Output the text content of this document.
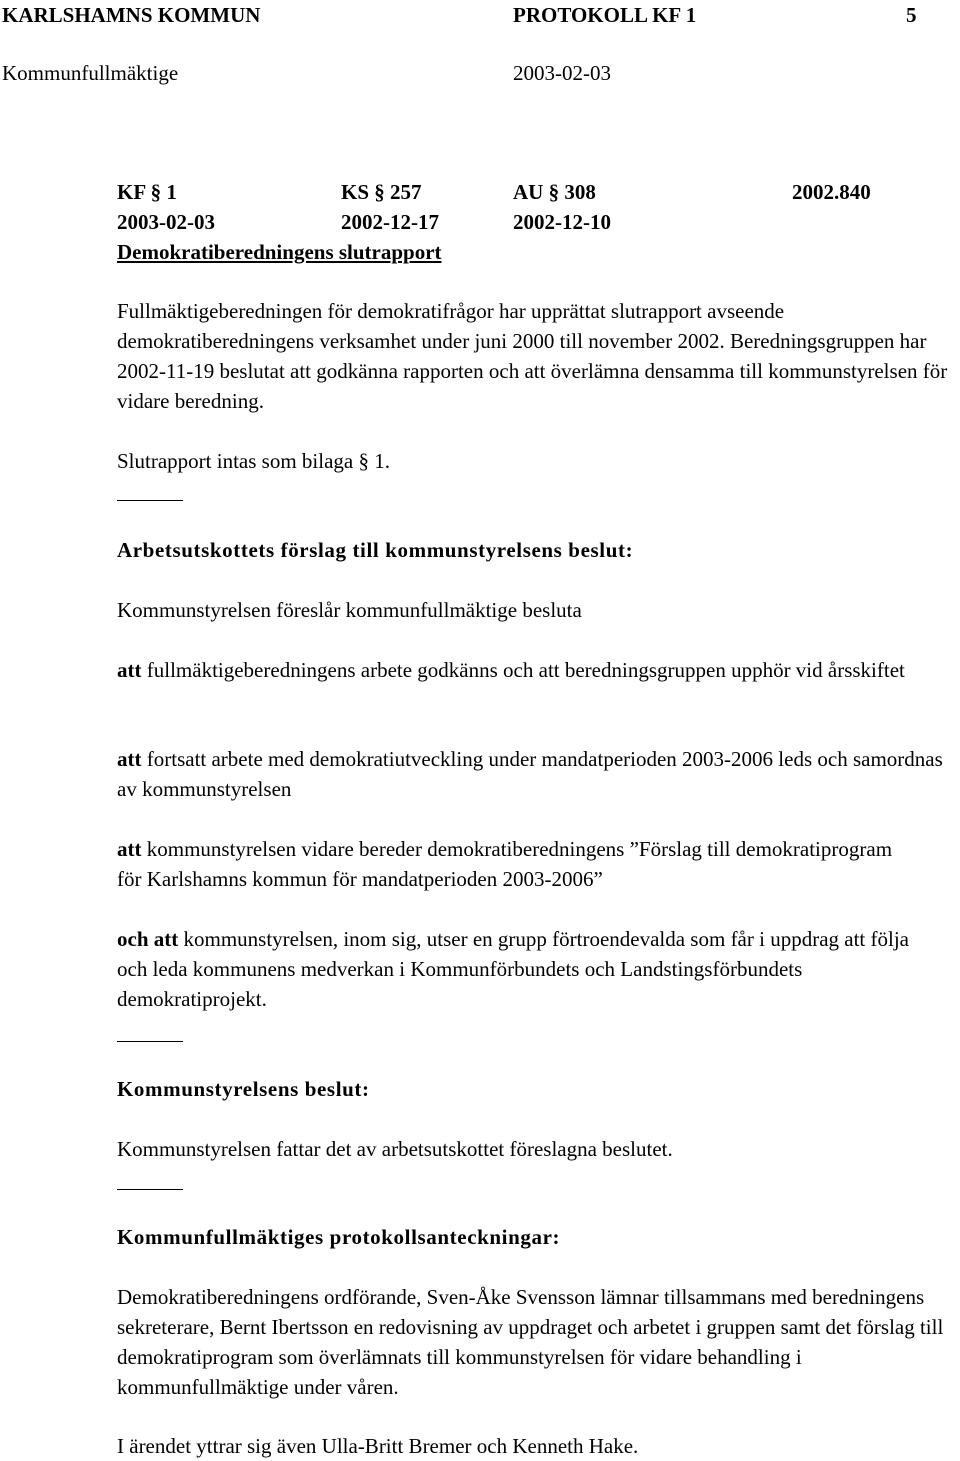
KARLSHAMNS KOMMUN	PROTOKOLL KF 1	5
Kommunfullmäktige	2003-02-03
KF § 1	KS § 257	AU § 308	2002.840
2003-02-03	2002-12-17	2002-12-10
Demokratiberedningens slutrapport
Fullmäktigeberedningen för demokratifrågor har upprättat slutrapport avseende demokratiberedningens verksamhet under juni 2000 till november 2002. Beredningsgruppen har 2002-11-19 beslutat att godkänna rapporten och att överlämna densamma till kommunstyrelsen för vidare beredning.
Slutrapport intas som bilaga § 1.
Arbetsutskottets förslag till kommunstyrelsens beslut:
Kommunstyrelsen föreslår kommunfullmäktige besluta
att fullmäktigeberedningens arbete godkänns och att beredningsgruppen upphör vid årsskiftet
att fortsatt arbete med demokratiutveckling under mandatperioden 2003-2006 leds och samordnas av kommunstyrelsen
att kommunstyrelsen vidare bereder demokratiberedningens ”Förslag till demokratiprogram för Karlshamns kommun för mandatperioden 2003-2006”
och att kommunstyrelsen, inom sig, utser en grupp förtroendevalda som får i uppdrag att följa och leda kommunens medverkan i Kommunförbundets och Landstingsförbundets demokratiprojekt.
Kommunstyrelsens beslut:
Kommunstyrelsen fattar det av arbetsutskottet föreslagna beslutet.
Kommunfullmäktiges protokollsanteckningar:
Demokratiberedningens ordförande, Sven-Åke Svensson lämnar tillsammans med beredningens sekreterare, Bernt Ibertsson en redovisning av uppdraget och arbetet i gruppen samt det förslag till demokratiprogram som överlämnats till kommunstyrelsen för vidare behandling i kommunfullmäktige under våren.
I ärendet yttrar sig även Ulla-Britt Bremer och Kenneth Hake.
